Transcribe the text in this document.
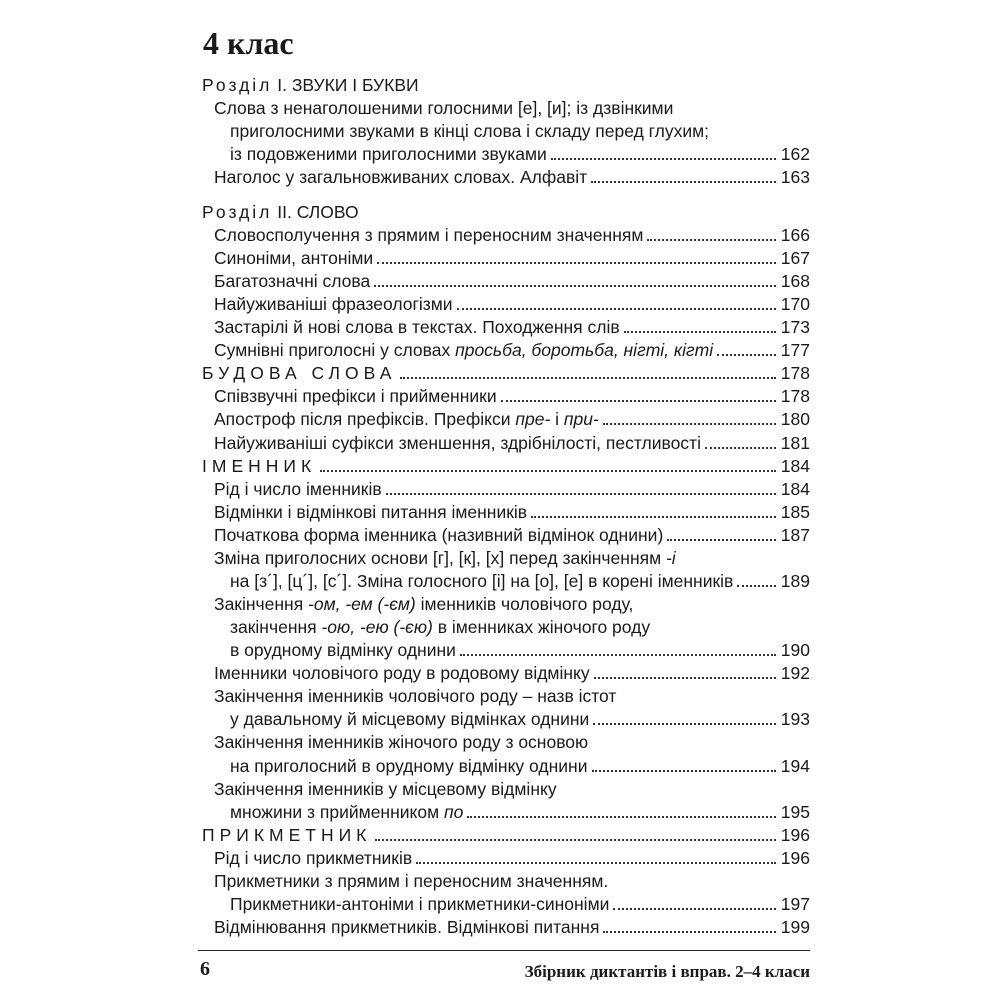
4 клас
Розділ I. ЗВУКИ І БУКВИ
Слова з ненаголошеними голосними [е], [и]; із дзвінкими
приголосними звуками в кінці слова і складу перед глухим;
із подовженими приголосними звуками	162
Наголос у загальновживаних словах. Алфавіт	163
Розділ II. СЛОВО
Словосполучення з прямим і переносним значенням	166
Синоніми, антоніми	167
Багатозначні слова	168
Найуживаніші фразеологізми	170
Застарілі й нові слова в текстах. Походження слів	173
Сумнівні приголосні у словах просьба, боротьба, нігті, кігті	177
БУДОВА СЛОВА	178
Співзвучні префікси і прийменники	178
Апостроф після префіксів. Префікси пре- і при-	180
Найуживаніші суфікси зменшення, здрібнілості, пестливості	181
ІМЕННИК	184
Рід і число іменників	184
Відмінки і відмінкові питання іменників	185
Початкова форма іменника (називний відмінок однини)	187
Зміна приголосних основи [г], [к], [х] перед закінченням -і
на [з´], [ц´], [с´]. Зміна голосного [і] на [о], [е] в корені іменників	189
Закінчення -ом, -ем (-єм) іменників чоловічого роду,
закінчення -ою, -ею (-єю) в іменниках жіночого роду
в орудному відмінку однини	190
Іменники чоловічого роду в родовому відмінку	192
Закінчення іменників чоловічого роду – назв істот
у давальному й місцевому відмінках однини	193
Закінчення іменників жіночого роду з основою
на приголосний в орудному відмінку однини	194
Закінчення іменників у місцевому відмінку
множини з прийменником по	195
ПРИКМЕТНИК	196
Рід і число прикметників	196
Прикметники з прямим і переносним значенням.
Прикметники-антоніми і прикметники-синоніми	197
6	Збірник диктантів і вправ. 2–4 класи
Відмінювання прикметників. Відмінкові питання	199
